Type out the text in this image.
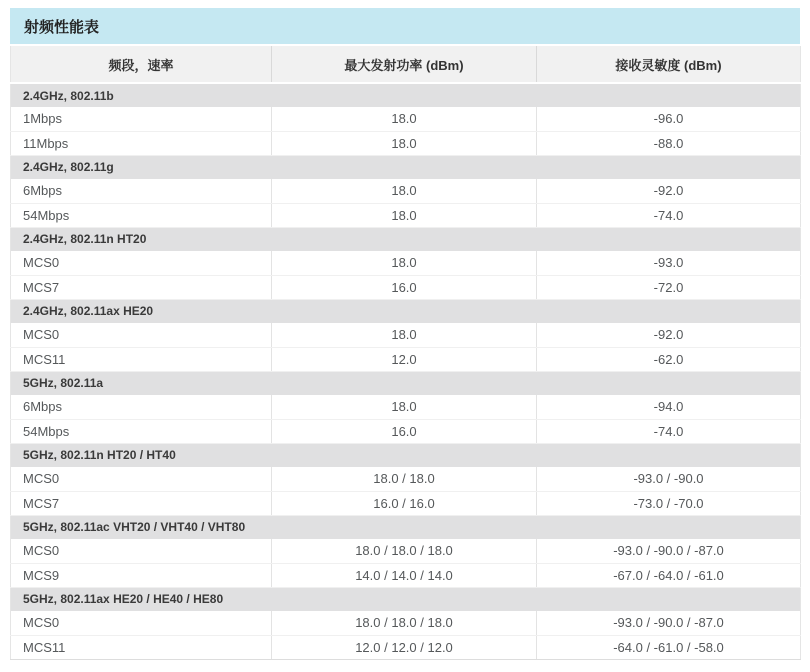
射频性能表
频段，速率	最大发射功率 (dBm)	接收灵敏度 (dBm)
2.4GHz, 802.11b		
1Mbps	18.0	-96.0
11Mbps	18.0	-88.0
2.4GHz, 802.11g		
6Mbps	18.0	-92.0
54Mbps	18.0	-74.0
2.4GHz, 802.11n HT20		
MCS0	18.0	-93.0
MCS7	16.0	-72.0
2.4GHz, 802.11ax HE20		
MCS0	18.0	-92.0
MCS11	12.0	-62.0
5GHz, 802.11a		
6Mbps	18.0	-94.0
54Mbps	16.0	-74.0
5GHz, 802.11n HT20 / HT40		
MCS0	18.0 / 18.0	-93.0 / -90.0
MCS7	16.0 / 16.0	-73.0 / -70.0
5GHz, 802.11ac VHT20 / VHT40 / VHT80		
MCS0	18.0 / 18.0 / 18.0	-93.0 / -90.0 / -87.0
MCS9	14.0 / 14.0 / 14.0	-67.0 / -64.0 / -61.0
5GHz, 802.11ax HE20 / HE40 / HE80		
MCS0	18.0 / 18.0 / 18.0	-93.0 / -90.0 / -87.0
MCS11	12.0 / 12.0 / 12.0	-64.0 / -61.0 / -58.0
